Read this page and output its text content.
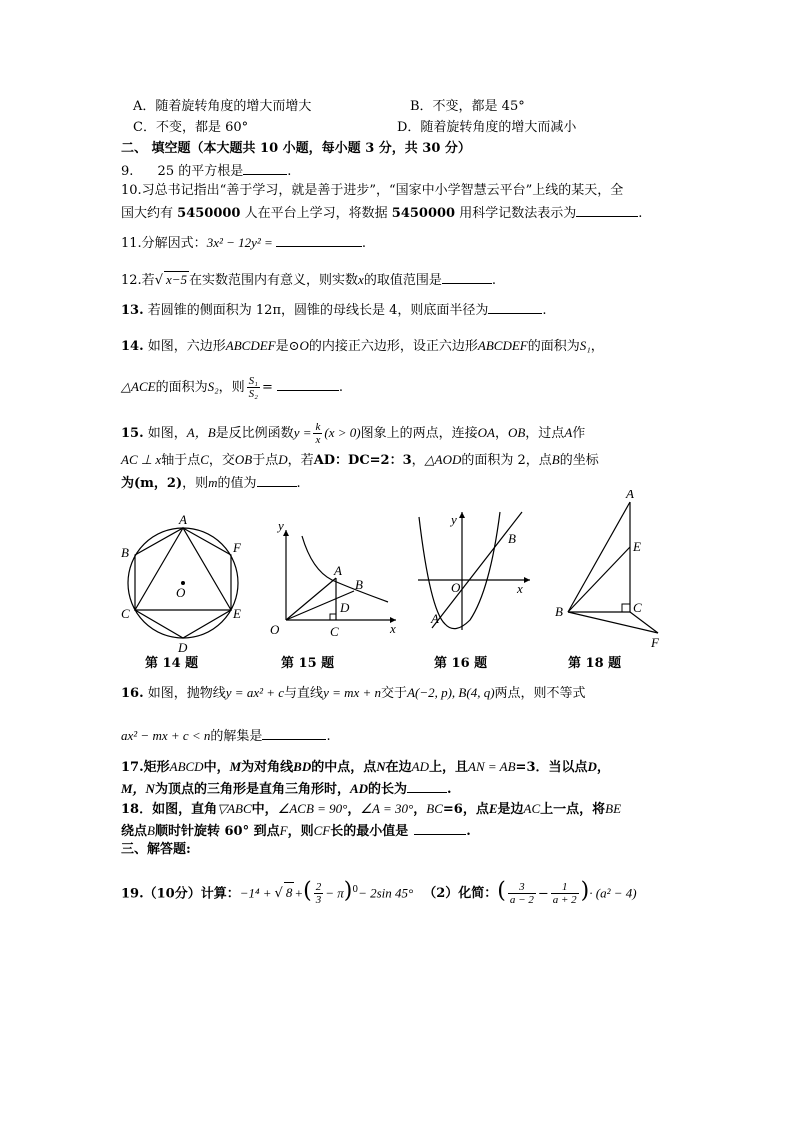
A．随着旋转角度的增大而增大	B．不变，都是 45°
C．不变，都是 60°	D．随着旋转角度的增大而减小
二、 填空题（本大题共 10 小题，每小题 3 分，共 30 分）
9. 25 的平方根是	.
10.习总书记指出“善于学习，就是善于进步”，“国家中小学智慧云平台”上线的某天，全
国大约有 5450000 人在平台上学习，将数据 5450000 用科学记数法表示为	.
11.分解因式：3x² − 12y² =	.
12.若√ x−5 在实数范围内有意义，则实数x的取值范围是	.
13. 若圆锥的侧面积为 12π，圆锥的母线长是 4，则底面半径为	.
14. 如图，六边形ABCDEF是⊙O的内接正六边形，设正六边形ABCDEF的面积为S₁，
△ACE的面积为S₂，则 $\frac{\text{S₁}}{\text{S₂}}$ =	.
15. 如图，A，B是反比例函数$y = \frac{k}{x} (x > 0)$图象上的两点，连接OA，OB，过点A作
AC ⊥ x轴于点C，交OB于点D，若AD：DC=2：3，△AOD的面积为 2，点B的坐标
为(m，2)，则m的值为	.
A
B
C
D
E
F
O
y
x
O
A
B
C
D
y
x
O
A
B
A
B	C
E
F
第 14 题	第 15 题	第 16 题	第 18 题
16. 如图，抛物线y = ax² + c与直线y = mx + n交于A(−2, p), B(4, q)两点，则不等式
ax² − mx + c < n的解集是	.
17.矩形ABCD中，M为对角线BD的中点，点N在边AD上，且AN = AB=3．当以点D，
M，N为顶点的三角形是直角三角形时，AD的长为	.
18．如图，直角▽ABC中，∠ACB = 90°，∠A = 30°，BC=6，点E是边AC上一点，将BE
绕点B顺时针旋转 60° 到点F，则CF长的最小值是	.
三、解答题:
19.（10分）计算：−1⁴ + √ 8 +( $\frac{2}{3} - \pi)^0- 2\sin$ 45° （2）化简：( $\frac{3}{a - 2} - \frac{1}{a + 2}$ )· (a² − 4)
